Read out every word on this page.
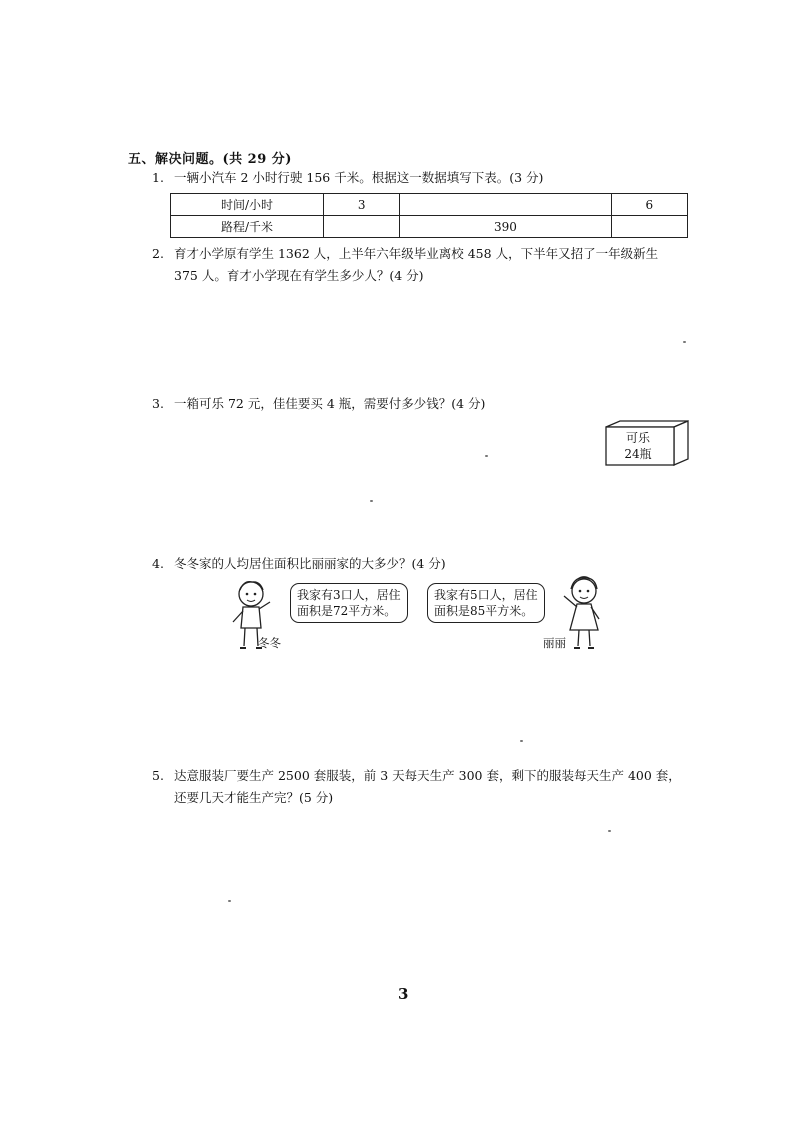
五、解决问题。(共 29 分)
1. 一辆小汽车 2 小时行驶 156 千米。根据这一数据填写下表。(3 分)
时间/小时	3		6
路程/千米		390	
2. 育才小学原有学生 1362 人，上半年六年级毕业离校 458 人，下半年又招了一年级新生
375 人。育才小学现在有学生多少人？(4 分)
3. 一箱可乐 72 元，佳佳要买 4 瓶，需要付多少钱？(4 分)
可乐
24瓶
4. 冬冬家的人均居住面积比丽丽家的大多少？(4 分)
冬冬
我家有3口人，居住
面积是72平方米。
我家有5口人，居住
面积是85平方米。
丽丽
5. 达意服装厂要生产 2500 套服装，前 3 天每天生产 300 套，剩下的服装每天生产 400 套，
还要几天才能生产完？(5 分)
3
